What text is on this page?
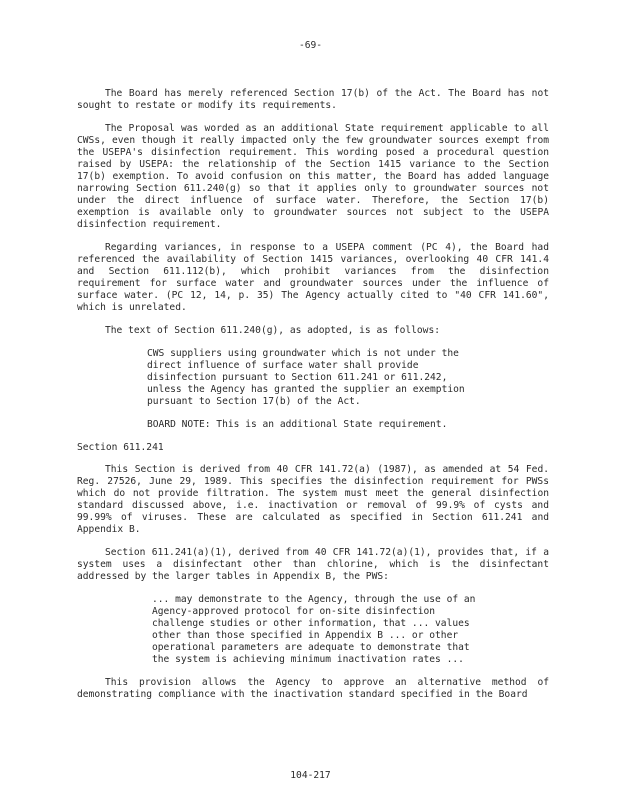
-69-

The Board has merely referenced Section 17(b) of the Act. The Board has not sought to restate or modify its requirements.

The Proposal was worded as an additional State requirement applicable to all CWSs, even though it really impacted only the few groundwater sources exempt from the USEPA's disinfection requirement. This wording posed a procedural question raised by USEPA: the relationship of the Section 1415 variance to the Section 17(b) exemption. To avoid confusion on this matter, the Board has added language narrowing Section 611.240(g) so that it applies only to groundwater sources not under the direct influence of surface water. Therefore, the Section 17(b) exemption is available only to groundwater sources not subject to the USEPA disinfection requirement.

Regarding variances, in response to a USEPA comment (PC 4), the Board had referenced the availability of Section 1415 variances, overlooking 40 CFR 141.4 and Section 611.112(b), which prohibit variances from the disinfection requirement for surface water and groundwater sources under the influence of surface water. (PC 12, 14, p. 35) The Agency actually cited to "40 CFR 141.60", which is unrelated.

The text of Section 611.240(g), as adopted, is as follows:

CWS suppliers using groundwater which is not under the direct influence of surface water shall provide disinfection pursuant to Section 611.241 or 611.242, unless the Agency has granted the supplier an exemption pursuant to Section 17(b) of the Act.

BOARD NOTE: This is an additional State requirement.

Section 611.241

This Section is derived from 40 CFR 141.72(a) (1987), as amended at 54 Fed. Reg. 27526, June 29, 1989. This specifies the disinfection requirement for PWSs which do not provide filtration. The system must meet the general disinfection standard discussed above, i.e. inactivation or removal of 99.9% of cysts and 99.99% of viruses. These are calculated as specified in Section 611.241 and Appendix B.

Section 611.241(a)(1), derived from 40 CFR 141.72(a)(1), provides that, if a system uses a disinfectant other than chlorine, which is the disinfectant addressed by the larger tables in Appendix B, the PWS:

... may demonstrate to the Agency, through the use of an Agency-approved protocol for on-site disinfection challenge studies or other information, that ... values other than those specified in Appendix B ... or other operational parameters are adequate to demonstrate that the system is achieving minimum inactivation rates ...

This provision allows the Agency to approve an alternative method of demonstrating compliance with the inactivation standard specified in the Board

104-217
